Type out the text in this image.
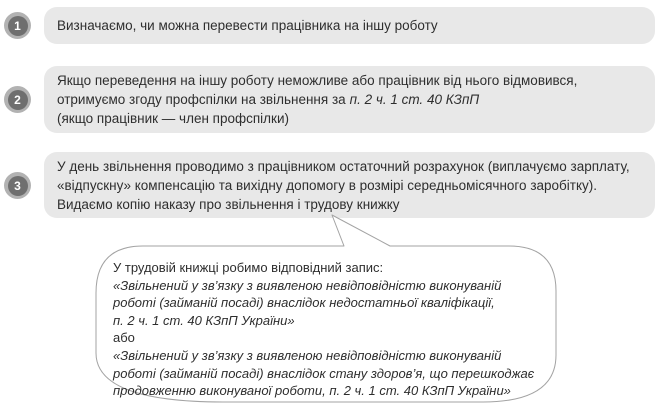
1	Визначаємо, чи можна перевести працівника на іншу роботу
2
Якщо переведення на іншу роботу неможливе або працівник від нього відмовився,
отримуємо згоду профспілки на звільнення за п. 2 ч. 1 ст. 40 КЗпП
(якщо працівник — член профспілки)
3
У день звільнення проводимо з працівником остаточний розрахунок (виплачуємо зарплату,
«відпускну» компенсацію та вихідну допомогу в розмірі середньомісячного заробітку).
Видаємо копію наказу про звільнення і трудову книжку
У трудовій книжці робимо відповідний запис:
«Звільнений у зв’язку з виявленою невідповідністю виконуваній
роботі (займаній посаді) внаслідок недостатньої кваліфікації,
п. 2 ч. 1 ст. 40 КЗпП України»
або
«Звільнений у зв’язку з виявленою невідповідністю виконуваній
роботі (займаній посаді) внаслідок стану здоров’я, що перешкоджає
продовженню виконуваної роботи, п. 2 ч. 1 ст. 40 КЗпП України»
